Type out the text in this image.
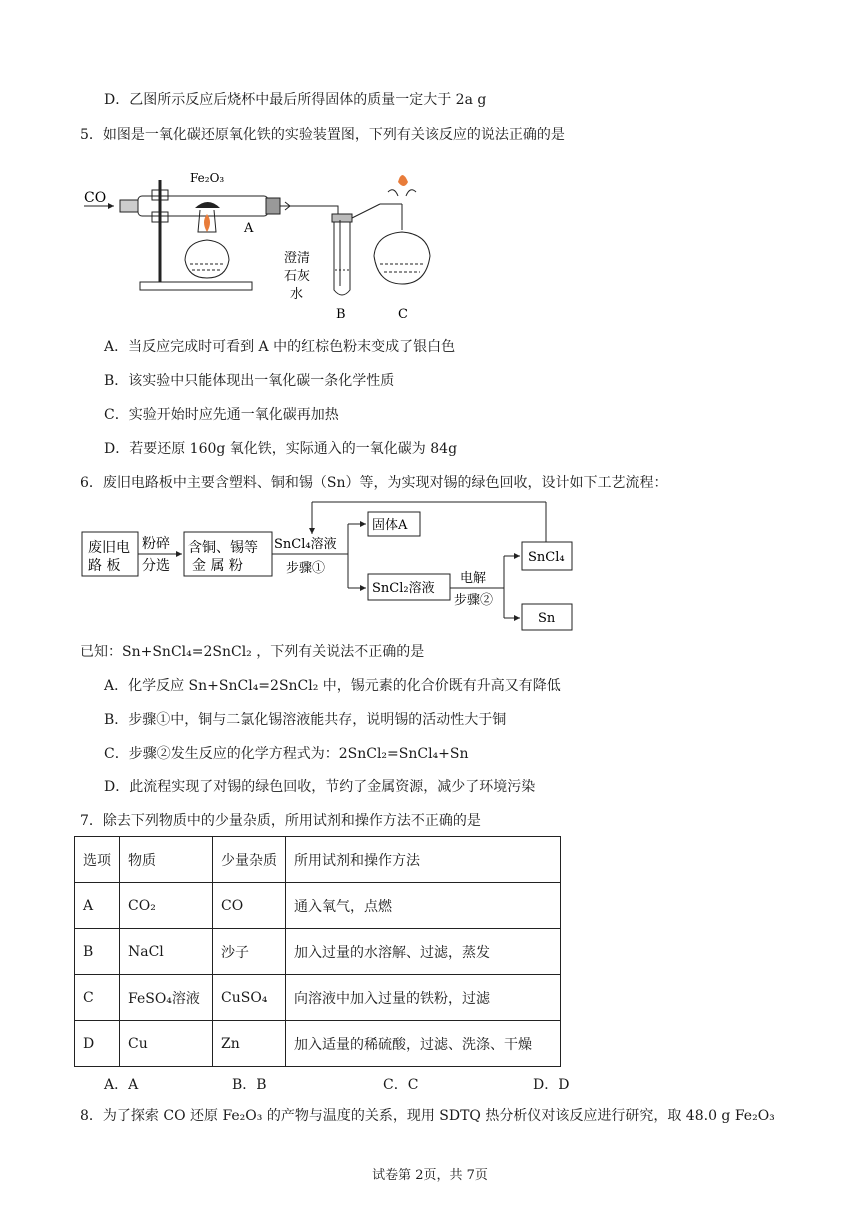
D．乙图所示反应后烧杯中最后所得固体的质量一定大于 2a g
5．如图是一氧化碳还原氧化铁的实验装置图，下列有关该反应的说法正确的是
CO
Fe₂O₃
A
澄清
石灰
水
B	C
A．当反应完成时可看到 A 中的红棕色粉末变成了银白色
B．该实验中只能体现出一氧化碳一条化学性质
C．实验开始时应先通一氧化碳再加热
D．若要还原 160g 氧化铁，实际通入的一氧化碳为 84g
6．废旧电路板中主要含塑料、铜和锡（Sn）等，为实现对锡的绿色回收，设计如下工艺流程：
废旧电
路 板
粉碎
分选
含铜、锡等
金 属 粉
SnCl₄溶液
步骤①
固体A
SnCl₂溶液
电解
步骤②
SnCl₄
Sn
已知：Sn+SnCl₄=2SnCl₂ ，下列有关说法不正确的是
A．化学反应 Sn+SnCl₄=2SnCl₂ 中，锡元素的化合价既有升高又有降低
B．步骤①中，铜与二氯化锡溶液能共存，说明锡的活动性大于铜
C．步骤②发生反应的化学方程式为：2SnCl₂=SnCl₄+Sn
D．此流程实现了对锡的绿色回收，节约了金属资源，减少了环境污染
7．除去下列物质中的少量杂质，所用试剂和操作方法不正确的是
选项	物质	少量杂质	所用试剂和操作方法
A	CO₂	CO	通入氧气，点燃
B	NaCl	沙子	加入过量的水溶解、过滤，蒸发
C	FeSO₄溶液	CuSO₄	向溶液中加入过量的铁粉，过滤
D	Cu	Zn	加入适量的稀硫酸，过滤、洗涤、干燥
A．A	B．B	C．C	D．D
8．为了探索 CO 还原 Fe₂O₃ 的产物与温度的关系，现用 SDTQ 热分析仪对该反应进行研究，取 48.0 g Fe₂O₃
试卷第 2页，共 7页
